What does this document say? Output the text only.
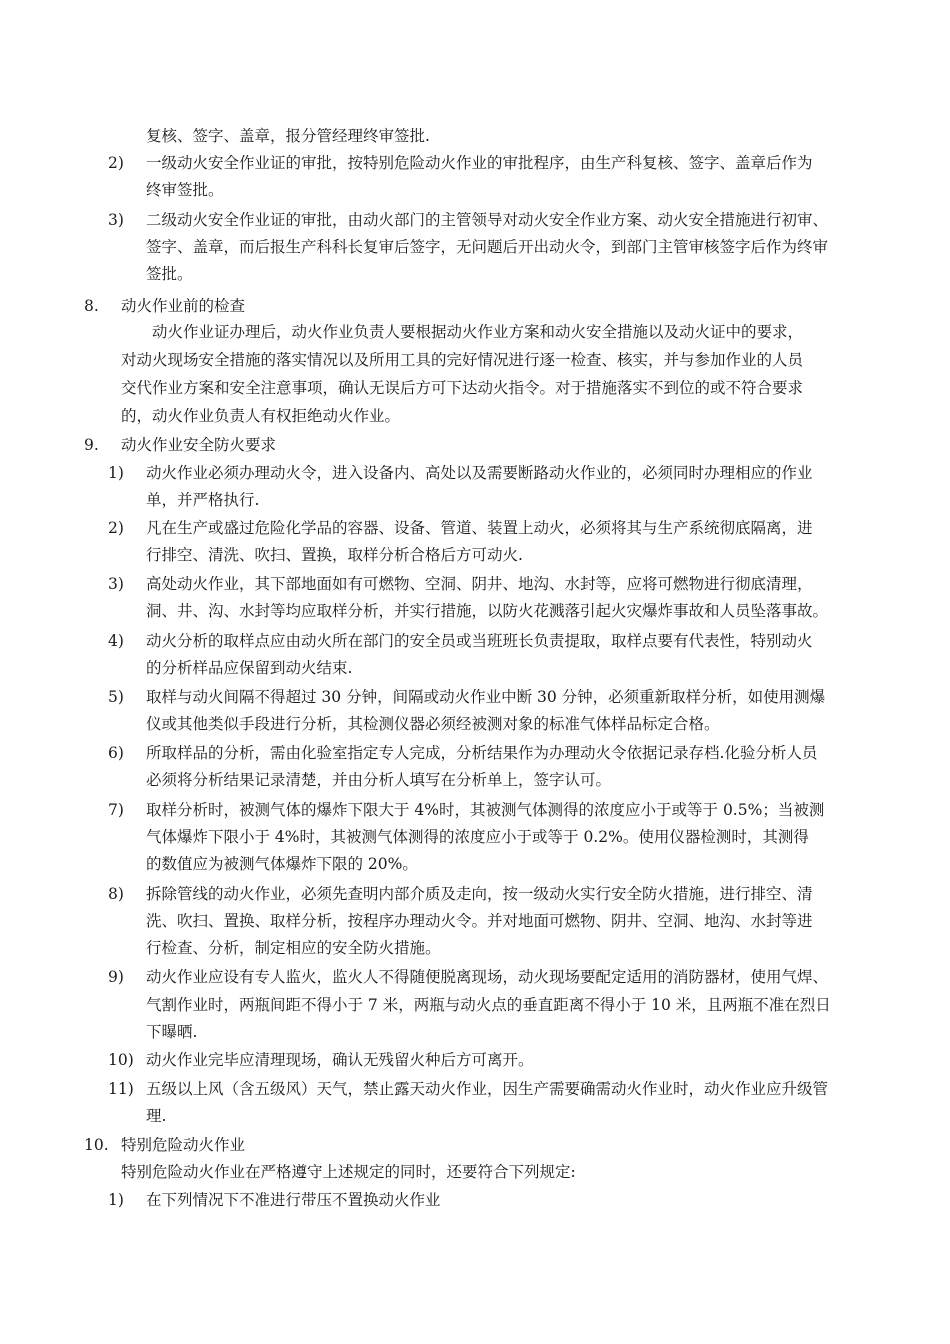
复核、签字、盖章，报分管经理终审签批.
2) 一级动火安全作业证的审批，按特别危险动火作业的审批程序，由生产科复核、签字、盖章后作为
终审签批。
3) 二级动火安全作业证的审批，由动火部门的主管领导对动火安全作业方案、动火安全措施进行初审、
签字、盖章，而后报生产科科长复审后签字，无问题后开出动火令，到部门主管审核签字后作为终审
签批。
8. 动火作业前的检查
动火作业证办理后，动火作业负责人要根据动火作业方案和动火安全措施以及动火证中的要求，
对动火现场安全措施的落实情况以及所用工具的完好情况进行逐一检查、核实，并与参加作业的人员
交代作业方案和安全注意事项，确认无误后方可下达动火指令。对于措施落实不到位的或不符合要求
的，动火作业负责人有权拒绝动火作业。
9. 动火作业安全防火要求
1) 动火作业必须办理动火令，进入设备内、高处以及需要断路动火作业的，必须同时办理相应的作业
单，并严格执行.
2) 凡在生产或盛过危险化学品的容器、设备、管道、装置上动火，必须将其与生产系统彻底隔离，进
行排空、清洗、吹扫、置换，取样分析合格后方可动火.
3) 高处动火作业，其下部地面如有可燃物、空洞、阴井、地沟、水封等，应将可燃物进行彻底清理，
洞、井、沟、水封等均应取样分析，并实行措施，以防火花溅落引起火灾爆炸事故和人员坠落事故。
4) 动火分析的取样点应由动火所在部门的安全员或当班班长负责提取，取样点要有代表性，特别动火
的分析样品应保留到动火结束.
5) 取样与动火间隔不得超过 30 分钟，间隔或动火作业中断 30 分钟，必须重新取样分析，如使用测爆
仪或其他类似手段进行分析，其检测仪器必须经被测对象的标准气体样品标定合格。
6) 所取样品的分析，需由化验室指定专人完成，分析结果作为办理动火令依据记录存档.化验分析人员
必须将分析结果记录清楚，并由分析人填写在分析单上，签字认可。
7) 取样分析时，被测气体的爆炸下限大于 4%时，其被测气体测得的浓度应小于或等于 0.5%；当被测
气体爆炸下限小于 4%时，其被测气体测得的浓度应小于或等于 0.2%。使用仪器检测时，其测得
的数值应为被测气体爆炸下限的 20%。
8) 拆除管线的动火作业，必须先查明内部介质及走向，按一级动火实行安全防火措施，进行排空、清
洗、吹扫、置换、取样分析，按程序办理动火令。并对地面可燃物、阴井、空洞、地沟、水封等进
行检查、分析，制定相应的安全防火措施。
9) 动火作业应设有专人监火，监火人不得随便脱离现场，动火现场要配定适用的消防器材，使用气焊、
气割作业时，两瓶间距不得小于 7 米，两瓶与动火点的垂直距离不得小于 10 米，且两瓶不准在烈日
下曝晒.
10) 动火作业完毕应清理现场，确认无残留火种后方可离开。
11) 五级以上风（含五级风）天气，禁止露天动火作业，因生产需要确需动火作业时，动火作业应升级管
理.
10. 特别危险动火作业
特别危险动火作业在严格遵守上述规定的同时，还要符合下列规定:
1) 在下列情况下不准进行带压不置换动火作业
